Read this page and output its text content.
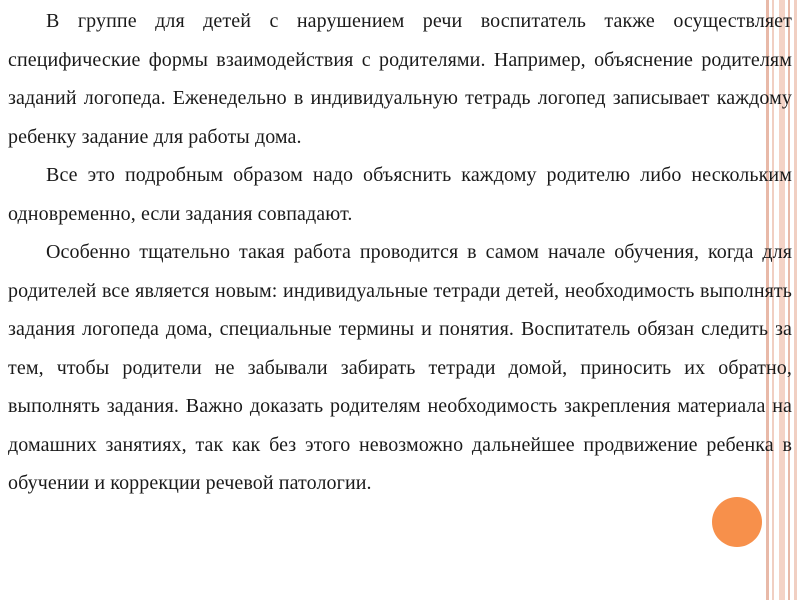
В группе для детей с нарушением речи воспитатель также осуществляет специфические формы взаимодействия с родителями. Например, объяснение родителям заданий логопеда. Еженедельно в индивидуальную тетрадь логопед записывает каждому ребенку задание для работы дома.

Все это подробным образом надо объяснить каждому родителю либо нескольким одновременно, если задания совпадают.

Особенно тщательно такая работа проводится в самом начале обучения, когда для родителей все является новым: индивидуальные тетради детей, необходимость выполнять задания логопеда дома, специальные термины и понятия. Воспитатель обязан следить за тем, чтобы родители не забывали забирать тетради домой, приносить их обратно, выполнять задания. Важно доказать родителям необходимость закрепления материала на домашних занятиях, так как без этого невозможно дальнейшее продвижение ребенка в обучении и коррекции речевой патологии.
